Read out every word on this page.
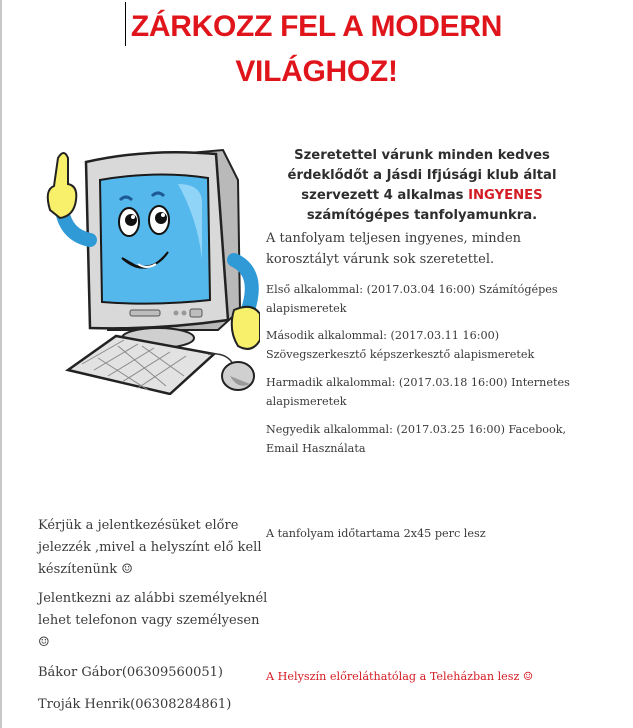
ZÁRKOZZ FEL A MODERN
VILÁGHOZ!
Szeretettel várunk minden kedves érdeklődőt a Jásdi Ifjúsági klub által szervezett 4 alkalmas INGYENES számítógépes tanfolyamunkra.
A tanfolyam teljesen ingyenes, minden korosztályt várunk sok szeretettel.
Első alkalommal: (2017.03.04 16:00) Számítógépes alapismeretek
Második alkalommal: (2017.03.11 16:00) Szövegszerkesztő képszerkesztő alapismeretek
Harmadik alkalommal: (2017.03.18 16:00) Internetes alapismeretek
Negyedik alkalommal: (2017.03.25 16:00) Facebook, Email Használata
Kérjük a jelentkezésüket előre jelezzék ,mivel a helyszínt elő kell készítenünk ☺
Jelentkezni az alábbi személyeknél lehet telefonon vagy személyesen ☺
Bákor Gábor(06309560051)
Troják Henrik(06308284861)
A tanfolyam időtartama 2x45 perc lesz
A Helyszín előreláthatólag a Teleházban lesz ☺
